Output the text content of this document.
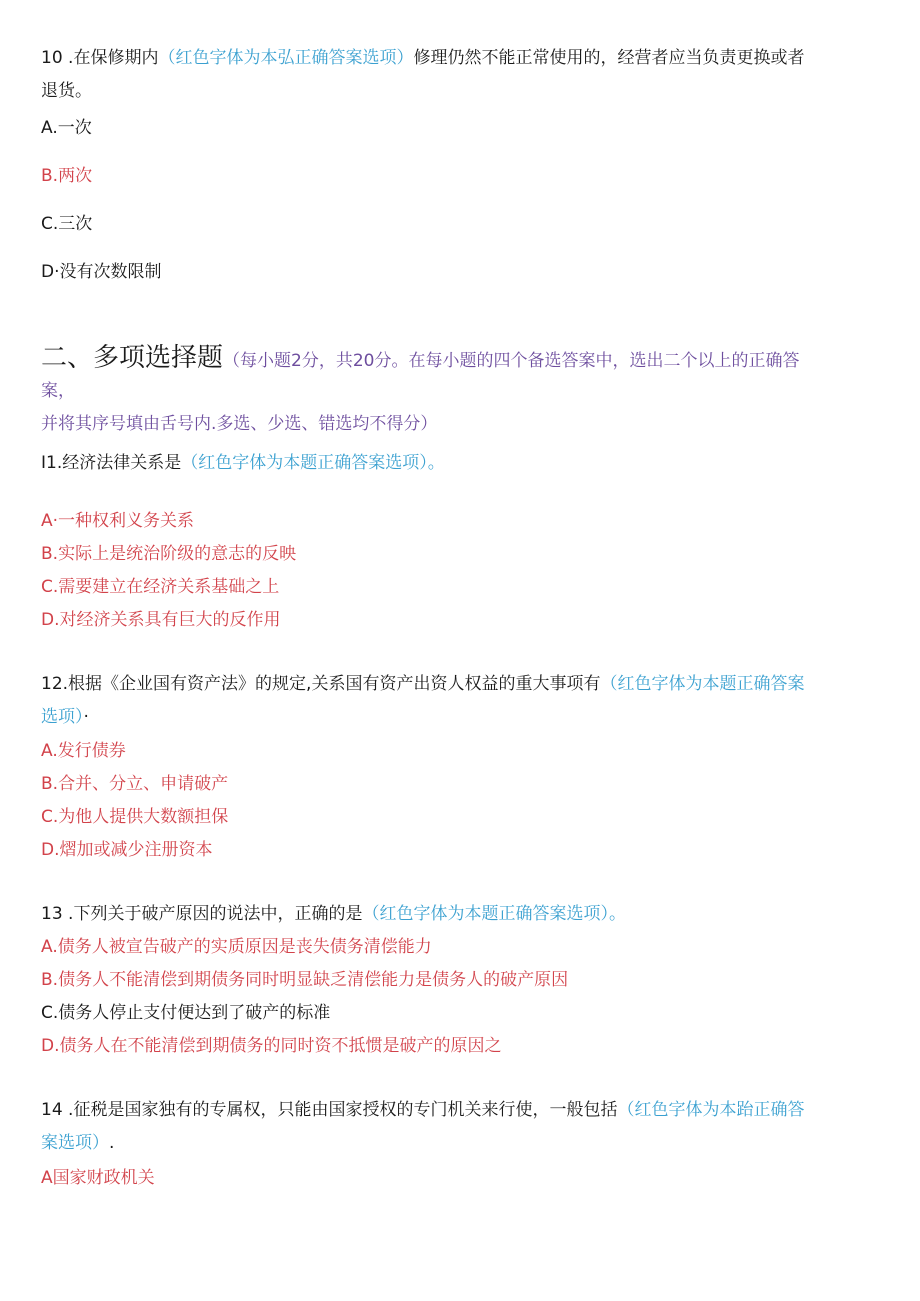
10 .在保修期内（红色字体为本弘正确答案选项）修理仍然不能正常使用的，经营者应当负责更换或者
退货。
A.一次
B.两次
C.三次
D·没有次数限制
二、多项选择题（每小题2分，共20分。在每小题的四个备选答案中，选出二个以上的正确答
案，
并将其序号填由舌号内.多选、少选、错选均不得分）
I1.经济法律关系是（红色字体为本题正确答案选项）。
A·一种权利义务关系
B.实际上是统治阶级的意志的反映
C.需要建立在经济关系基础之上
D.对经济关系具有巨大的反作用
12.根据《企业国有资产法》的规定,关系国有资产出资人权益的重大事项有（红色字体为本题正确答案
选项）·
A.发行债券
B.合并、分立、申请破产
C.为他人提供大数额担保
D.熠加或减少注册资本
13 .下列关于破产原因的说法中，正确的是（红色字体为本题正确答案选项）。
A.债务人被宣告破产的实质原因是丧失债务清偿能力
B.债务人不能清偿到期债务同时明显缺乏清偿能力是债务人的破产原因
C.债务人停止支付便达到了破产的标准
D.债务人在不能清偿到期债务的同时资不抵惯是破产的原因之
14 .征税是国家独有的专属权，只能由国家授权的专门机关来行使，一般包括（红色字体为本跆正确答
案选项）.
A国家财政机关
